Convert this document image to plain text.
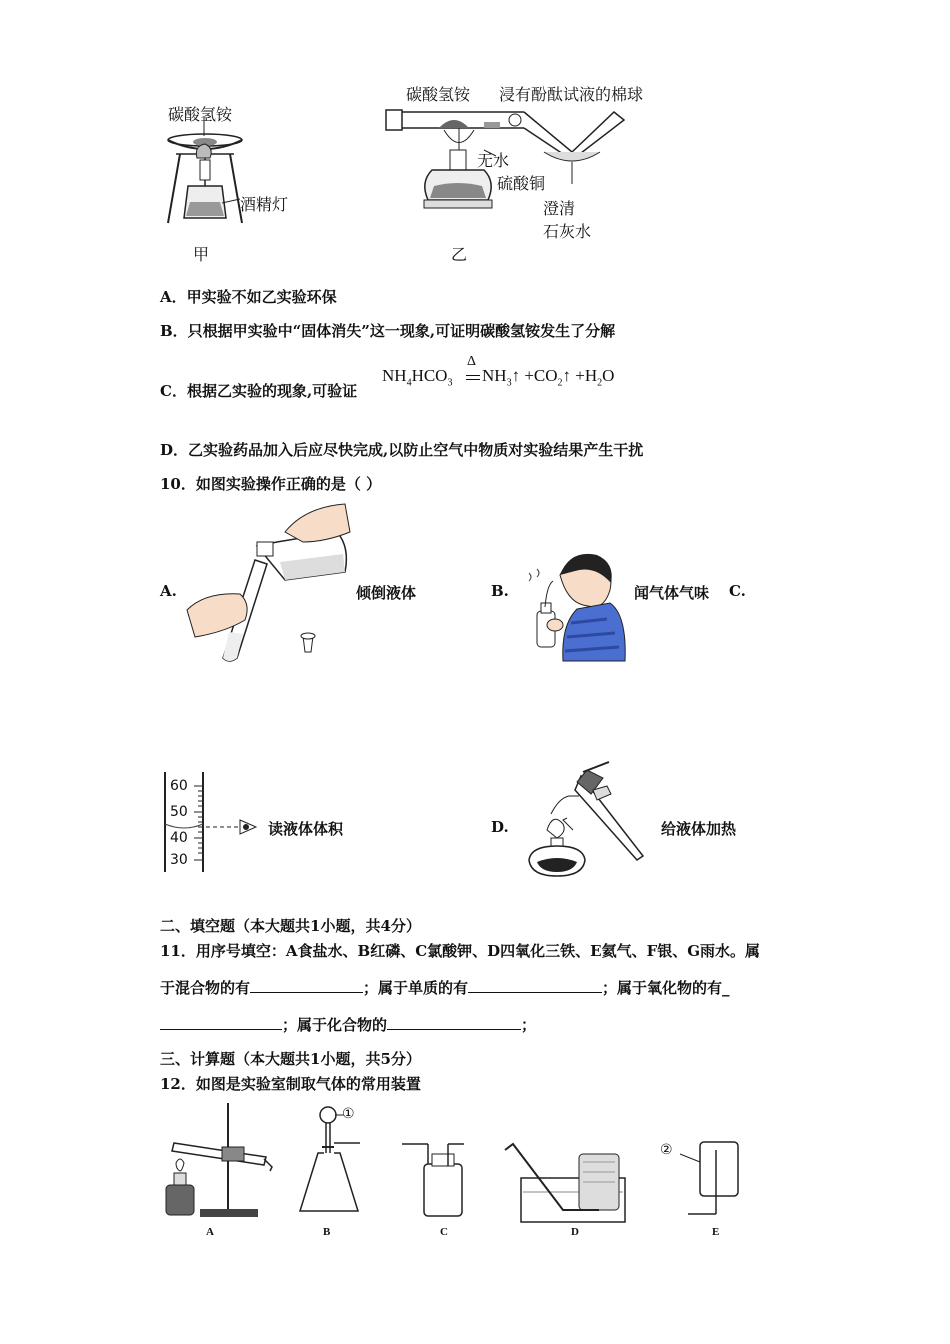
碳酸氢铵
酒精灯
甲
碳酸氢铵 浸有酚酞试液的棉球
无水
硫酸铜
澄清
石灰水
乙
A．甲实验不如乙实验环保
B．只根据甲实验中“固体消失”这一现象,可证明碳酸氢铵发生了分解
C．根据乙实验的现象,可验证
Δ
$NH_4HCO_3$ $NH_3↑$ $+CO_2↑ +H_2O$
D．乙实验药品加入后应尽快完成,以防止空气中物质对实验结果产生干扰
10．如图实验操作正确的是（ ）
A.	倾倒液体	B.	闻气体气味 C.
60
50
40
30
读液体体积	D.	给液体加热
二、填空题（本大题共1小题，共4分）
11．用序号填空：A食盐水、B红磷、C氯酸钾、D四氧化三铁、E氦气、F银、G雨水。属
于混合物的有	；属于单质的有	；属于氧化物的有_
；属于化合物的	；
三、计算题（本大题共1小题，共5分）
12．如图是实验室制取气体的常用装置
①
②
A	B	C	D	E
